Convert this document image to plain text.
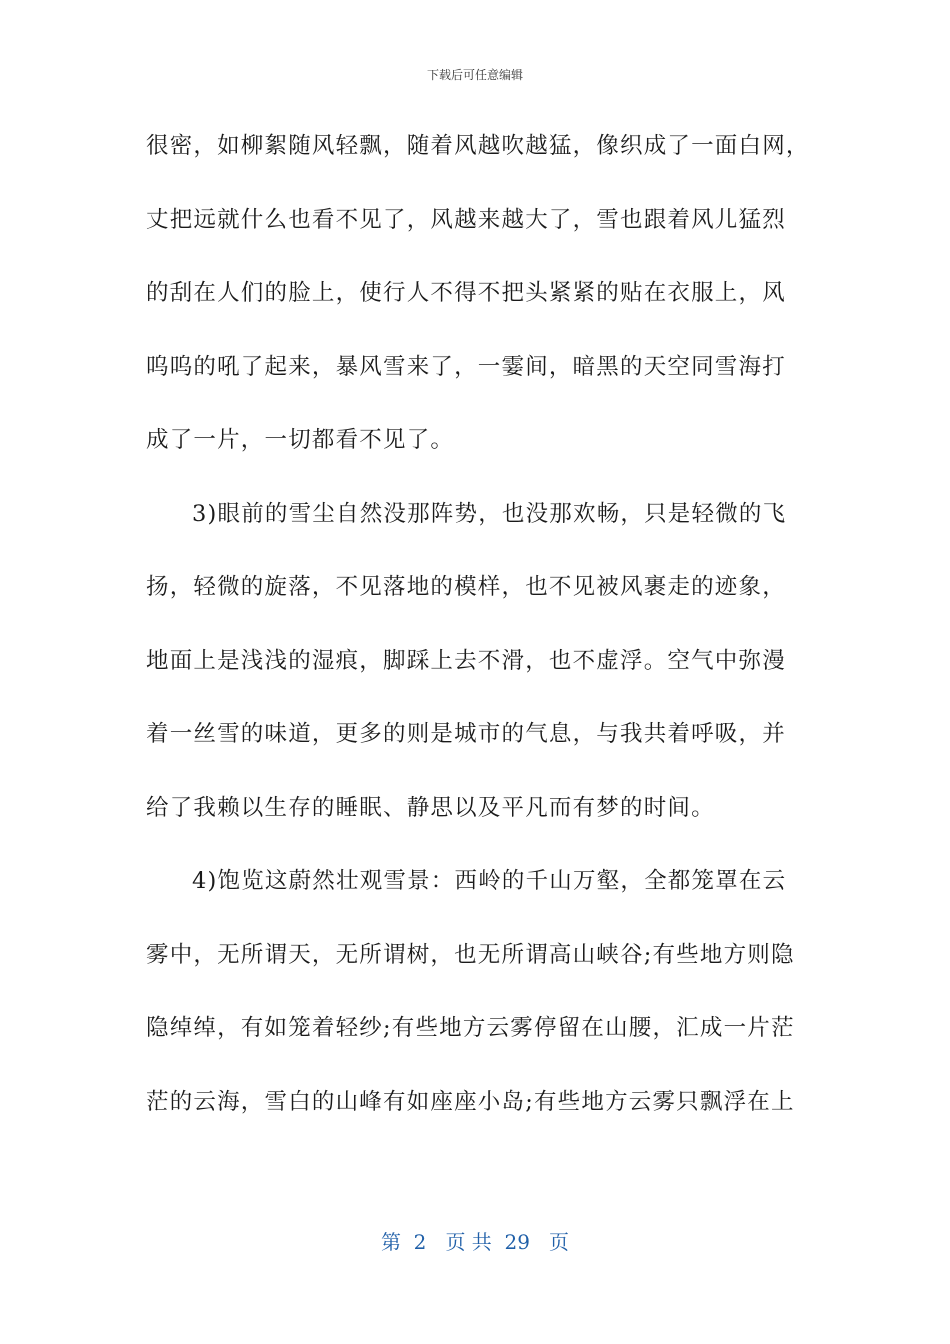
下载后可任意编辑
很密，如柳絮随风轻飘，随着风越吹越猛，像织成了一面白网，
丈把远就什么也看不见了，风越来越大了，雪也跟着风儿猛烈
的刮在人们的脸上，使行人不得不把头紧紧的贴在衣服上，风
呜呜的吼了起来，暴风雪来了，一霎间，暗黑的天空同雪海打
成了一片，一切都看不见了。
3)眼前的雪尘自然没那阵势，也没那欢畅，只是轻微的飞
扬，轻微的旋落，不见落地的模样，也不见被风裹走的迹象，
地面上是浅浅的湿痕，脚踩上去不滑，也不虚浮。空气中弥漫
着一丝雪的味道，更多的则是城市的气息，与我共着呼吸，并
给了我赖以生存的睡眠、静思以及平凡而有梦的时间。
4)饱览这蔚然壮观雪景：西岭的千山万壑，全都笼罩在云
雾中，无所谓天，无所谓树，也无所谓高山峡谷;有些地方则隐
隐绰绰，有如笼着轻纱;有些地方云雾停留在山腰，汇成一片茫
茫的云海，雪白的山峰有如座座小岛;有些地方云雾只飘浮在上
第  2   页 共  29   页
